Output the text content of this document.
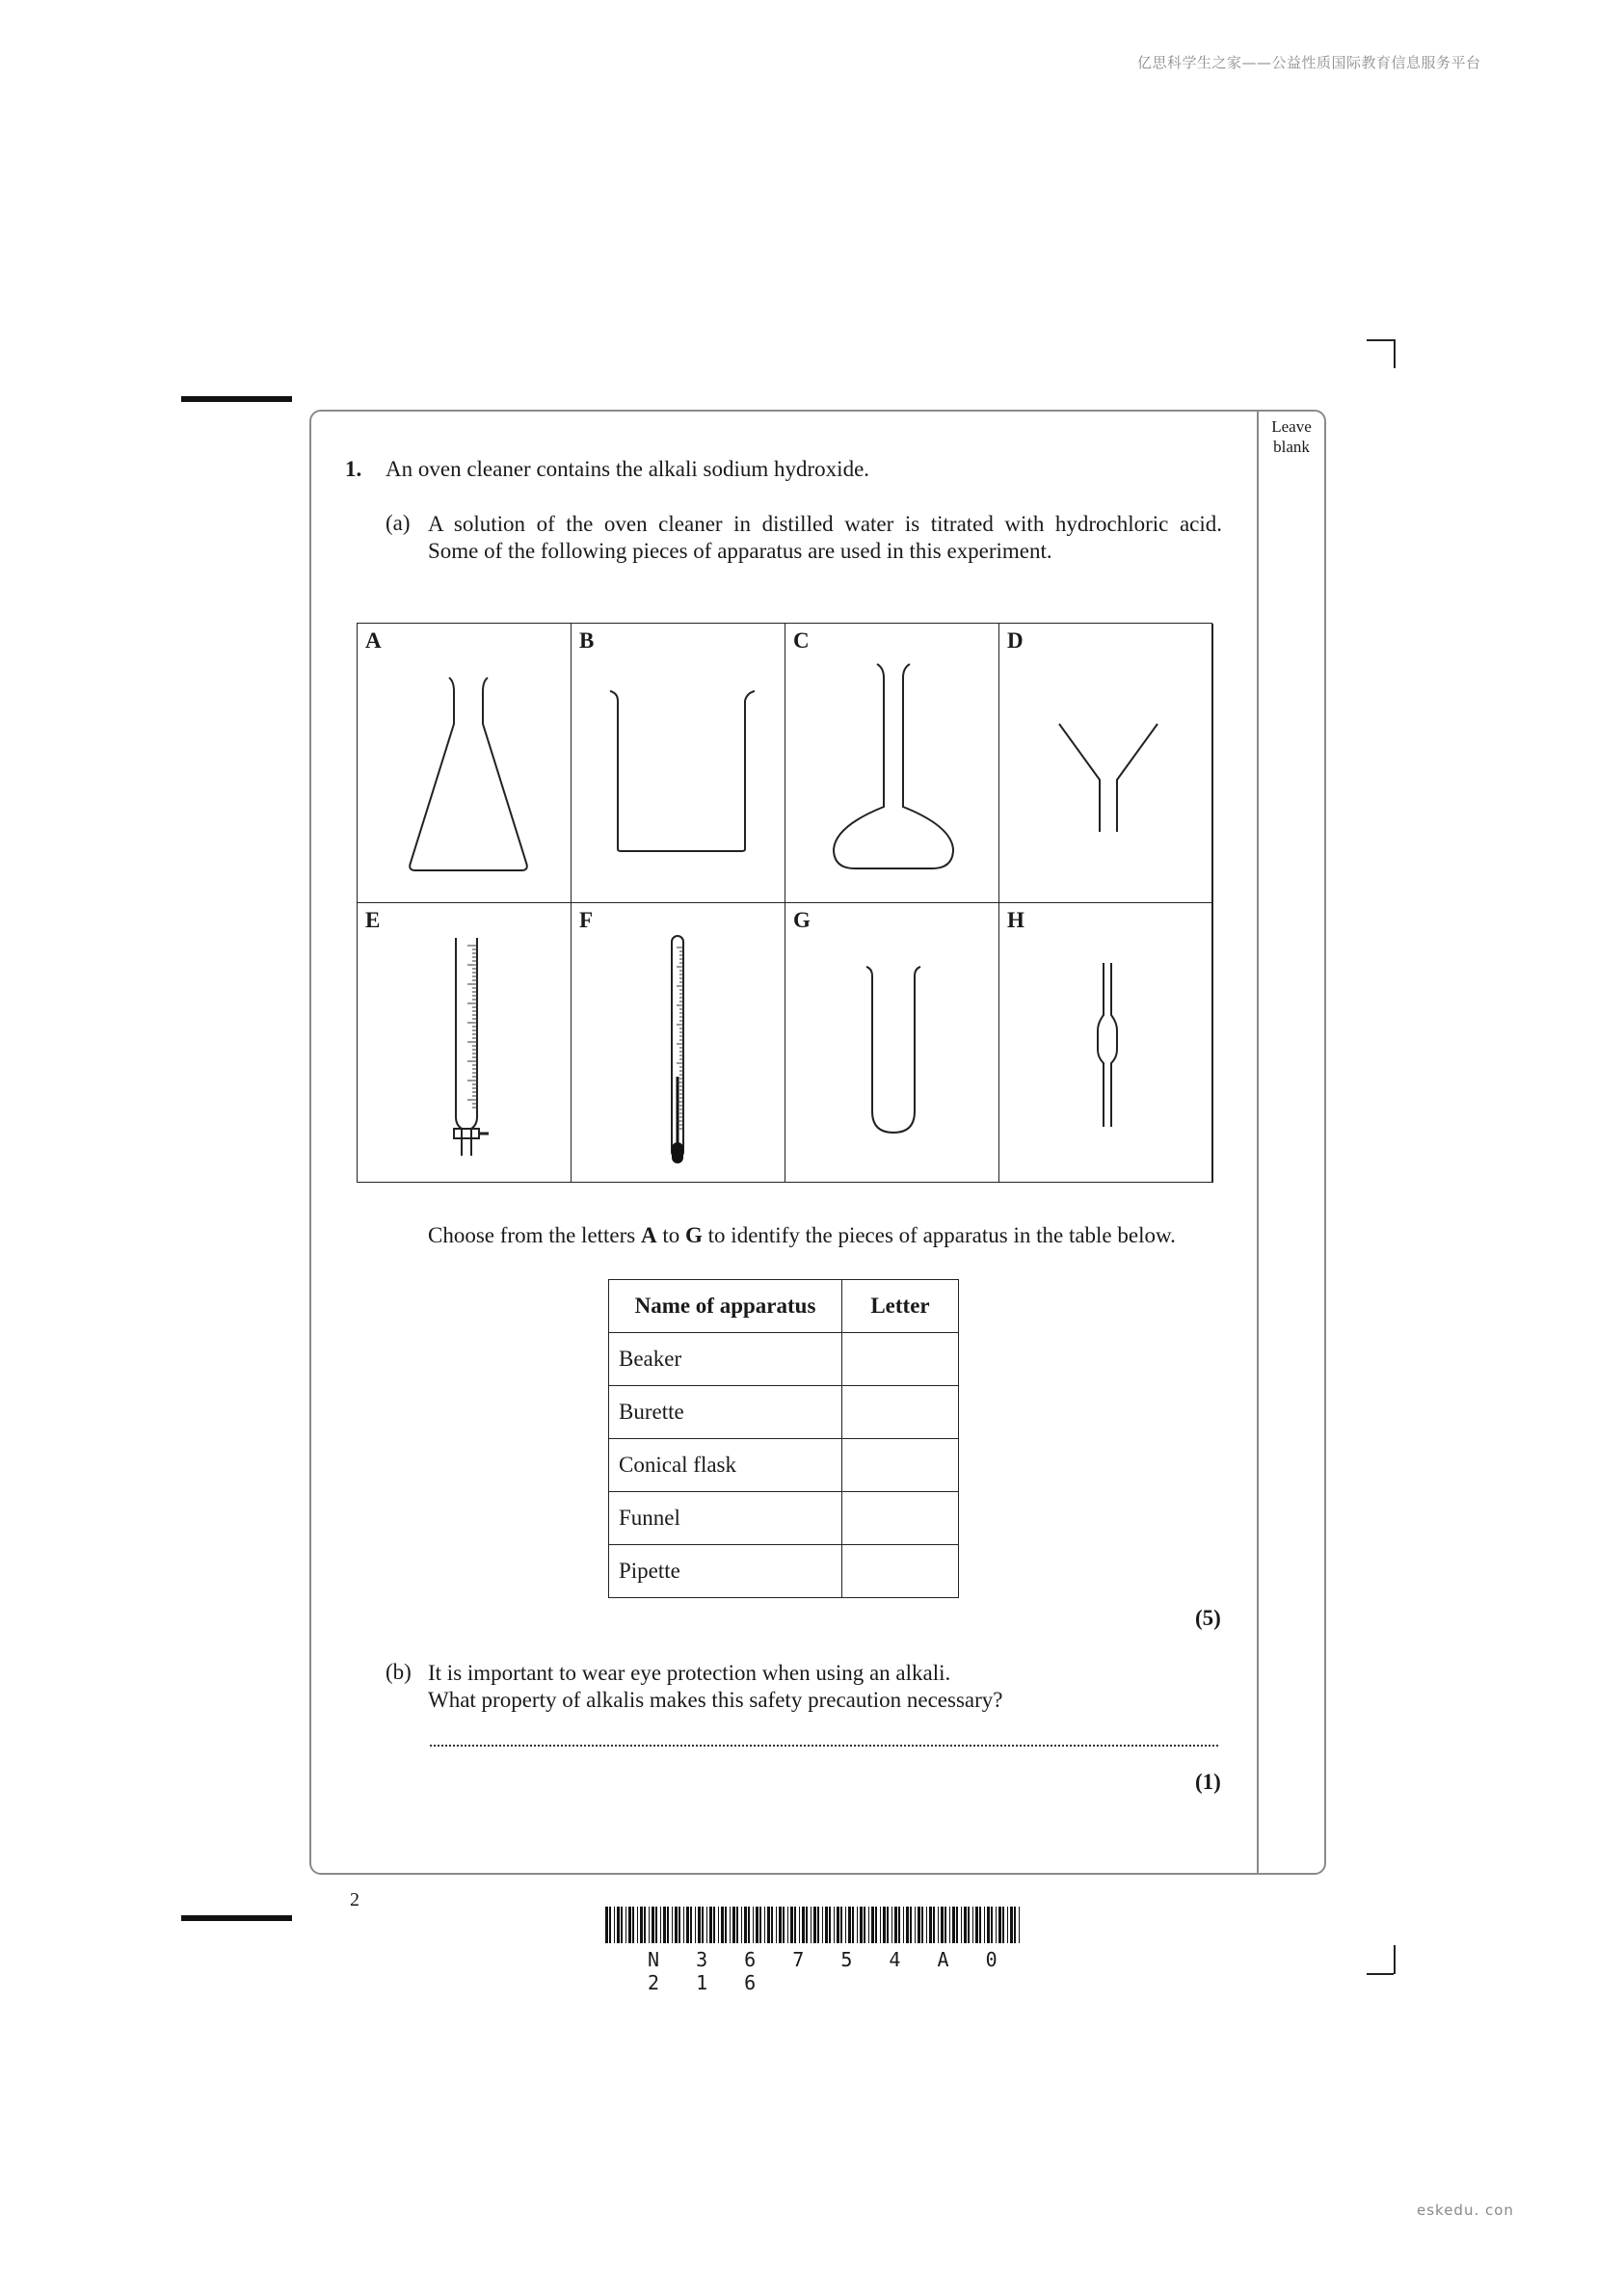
亿思科学生之家——公益性质国际教育信息服务平台
eskedu. con
Leave
blank
1. An oven cleaner contains the alkali sodium hydroxide.
(a) A solution of the oven cleaner in distilled water is titrated with hydrochloric acid.
Some of the following pieces of apparatus are used in this experiment.
A	B	C	D
E	F	G	H
Choose from the letters A to G to identify the pieces of apparatus in the table below.
Name of apparatus	Letter
Beaker	
Burette	
Conical flask	
Funnel	
Pipette	
(5)
(b) It is important to wear eye protection when using an alkali.
What property of alkalis makes this safety precaution necessary?
(1)
2
N 3 6 7 5 4 A 0 2 1 6
